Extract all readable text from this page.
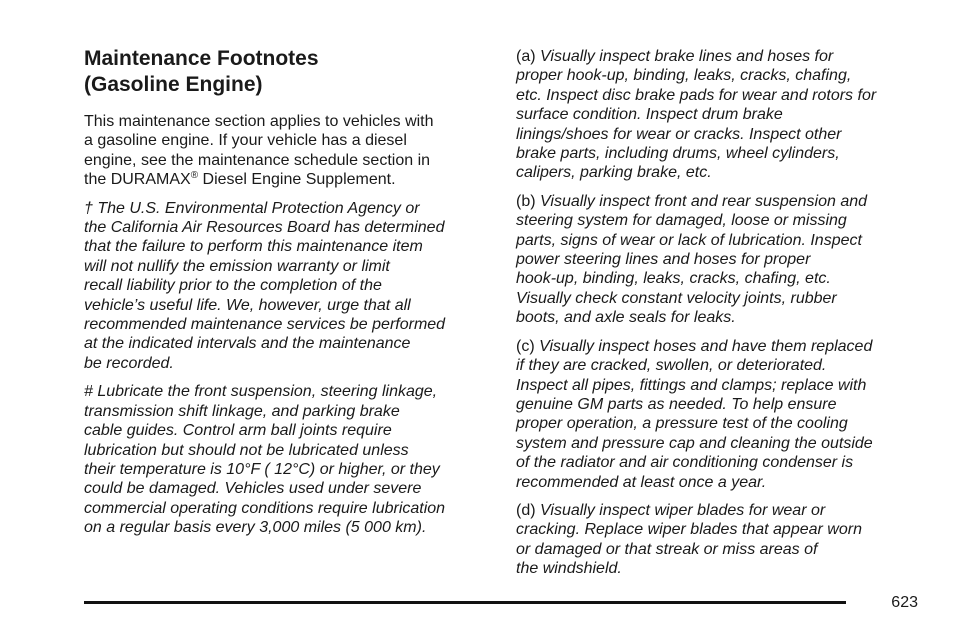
Maintenance Footnotes
(Gasoline Engine)

This maintenance section applies to vehicles with
a gasoline engine. If your vehicle has a diesel
engine, see the maintenance schedule section in
the DURAMAX® Diesel Engine Supplement.

† The U.S. Environmental Protection Agency or
the California Air Resources Board has determined
that the failure to perform this maintenance item
will not nullify the emission warranty or limit
recall liability prior to the completion of the
vehicle’s useful life. We, however, urge that all
recommended maintenance services be performed
at the indicated intervals and the maintenance
be recorded.

# Lubricate the front suspension, steering linkage,
transmission shift linkage, and parking brake
cable guides. Control arm ball joints require
lubrication but should not be lubricated unless
their temperature is 10°F ( 12°C) or higher, or they
could be damaged. Vehicles used under severe
commercial operating conditions require lubrication
on a regular basis every 3,000 miles (5 000 km).

(a) Visually inspect brake lines and hoses for
proper hook-up, binding, leaks, cracks, chafing,
etc. Inspect disc brake pads for wear and rotors for
surface condition. Inspect drum brake
linings/shoes for wear or cracks. Inspect other
brake parts, including drums, wheel cylinders,
calipers, parking brake, etc.

(b) Visually inspect front and rear suspension and
steering system for damaged, loose or missing
parts, signs of wear or lack of lubrication. Inspect
power steering lines and hoses for proper
hook-up, binding, leaks, cracks, chafing, etc.
Visually check constant velocity joints, rubber
boots, and axle seals for leaks.

(c) Visually inspect hoses and have them replaced
if they are cracked, swollen, or deteriorated.
Inspect all pipes, fittings and clamps; replace with
genuine GM parts as needed. To help ensure
proper operation, a pressure test of the cooling
system and pressure cap and cleaning the outside
of the radiator and air conditioning condenser is
recommended at least once a year.

(d) Visually inspect wiper blades for wear or
cracking. Replace wiper blades that appear worn
or damaged or that streak or miss areas of
the windshield.

623
